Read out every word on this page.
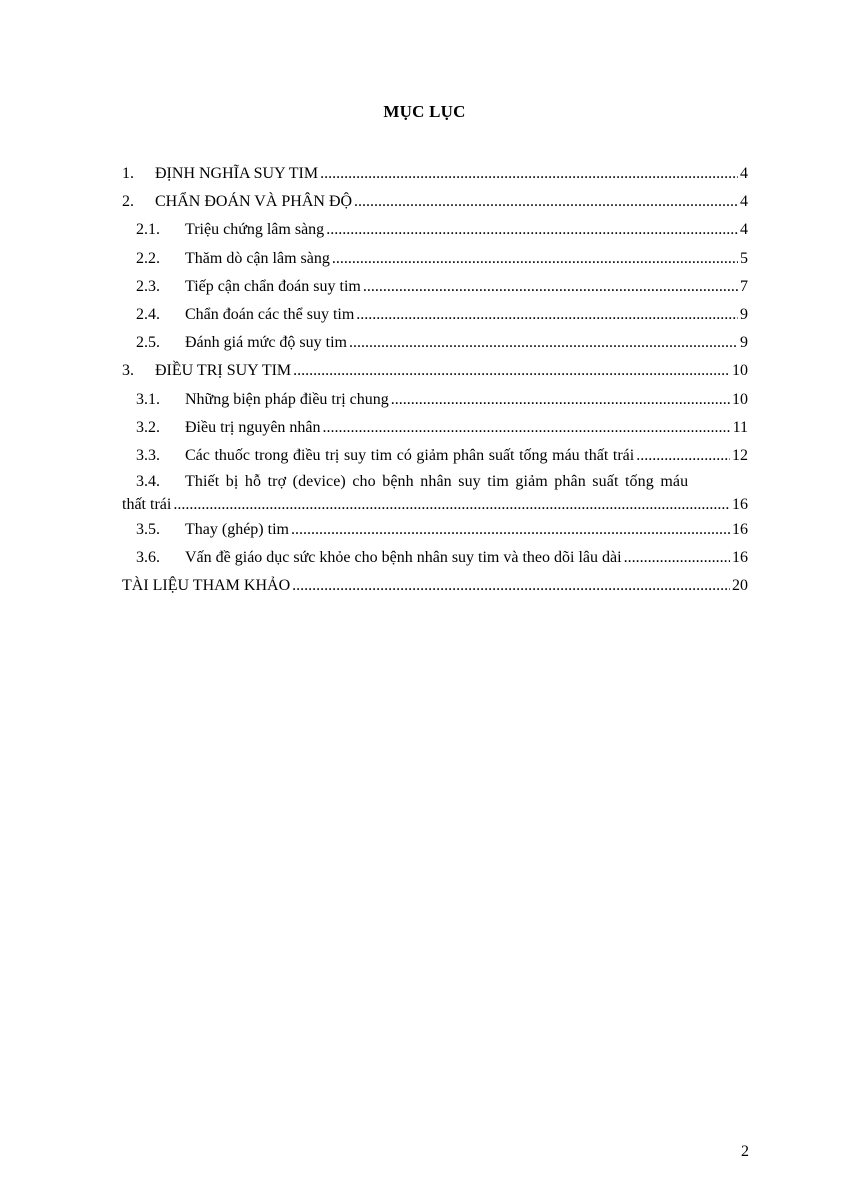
MỤC LỤC
1.	ĐỊNH NGHĨA SUY TIM .....	4
2.	CHẨN ĐOÁN VÀ PHÂN ĐỘ .....	4
2.1.	Triệu chứng lâm sàng .....	4
2.2.	Thăm dò cận lâm sàng .....	5
2.3.	Tiếp cận chẩn đoán suy tim .....	7
2.4.	Chẩn đoán các thể suy tim .....	9
2.5.	Đánh giá mức độ suy tim .....	9
3.	ĐIỀU TRỊ SUY TIM .....	10
3.1.	Những biện pháp điều trị chung .....	10
3.2.	Điều trị nguyên nhân .....	11
3.3.	Các thuốc trong điều trị suy tim có giảm phân suất tống máu thất trái .....	12
3.4.	Thiết bị hỗ trợ (device) cho bệnh nhân suy tim giảm phân suất tống máu
thất trái .....	16
3.5.	Thay (ghép) tim .....	16
3.6.	Vấn đề giáo dục sức khỏe cho bệnh nhân suy tim và theo dõi lâu dài .....	16
TÀI LIỆU THAM KHẢO .....	20
2
